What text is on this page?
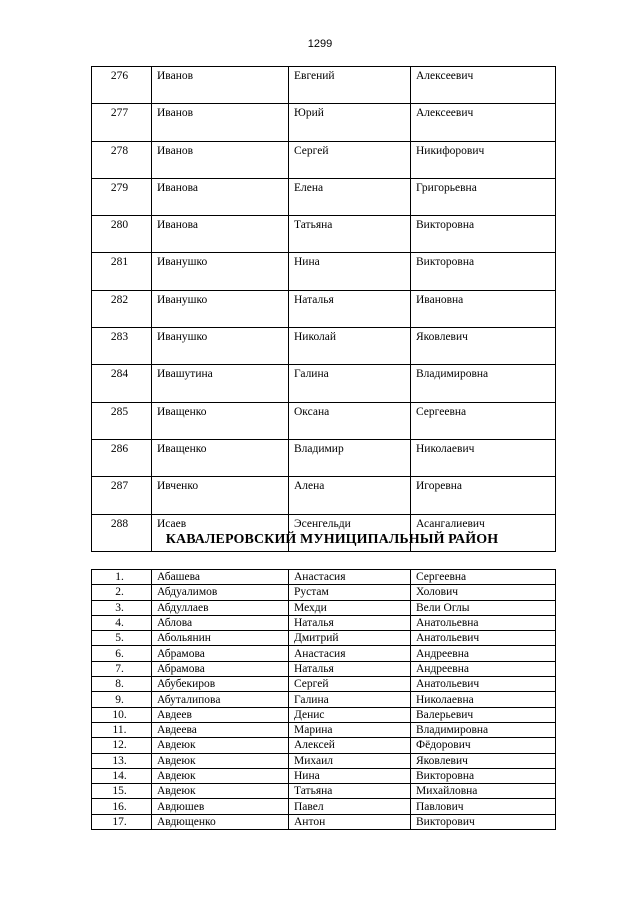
1299
276	Иванов	Евгений	Алексеевич
277	Иванов	Юрий	Алексеевич
278	Иванов	Сергей	Никифорович
279	Иванова	Елена	Григорьевна
280	Иванова	Татьяна	Викторовна
281	Иванушко	Нина	Викторовна
282	Иванушко	Наталья	Ивановна
283	Иванушко	Николай	Яковлевич
284	Ивашутина	Галина	Владимировна
285	Иващенко	Оксана	Сергеевна
286	Иващенко	Владимир	Николаевич
287	Ивченко	Алена	Игоревна
288	Исаев	Эсенгельди	Асангалиевич
КАВАЛЕРОВСКИЙ МУНИЦИПАЛЬНЫЙ РАЙОН
1.	Абашева	Анастасия	Сергеевна
2.	Абдуалимов	Рустам	Холович
3.	Абдуллаев	Мехди	Вели Оглы
4.	Аблова	Наталья	Анатольевна
5.	Абольянин	Дмитрий	Анатольевич
6.	Абрамова	Анастасия	Андреевна
7.	Абрамова	Наталья	Андреевна
8.	Абубекиров	Сергей	Анатольевич
9.	Абуталипова	Галина	Николаевна
10.	Авдеев	Денис	Валерьевич
11.	Авдеева	Марина	Владимировна
12.	Авдеюк	Алексей	Фёдорович
13.	Авдеюк	Михаил	Яковлевич
14.	Авдеюк	Нина	Викторовна
15.	Авдеюк	Татьяна	Михайловна
16.	Авдюшев	Павел	Павлович
17.	Авдющенко	Антон	Викторович
